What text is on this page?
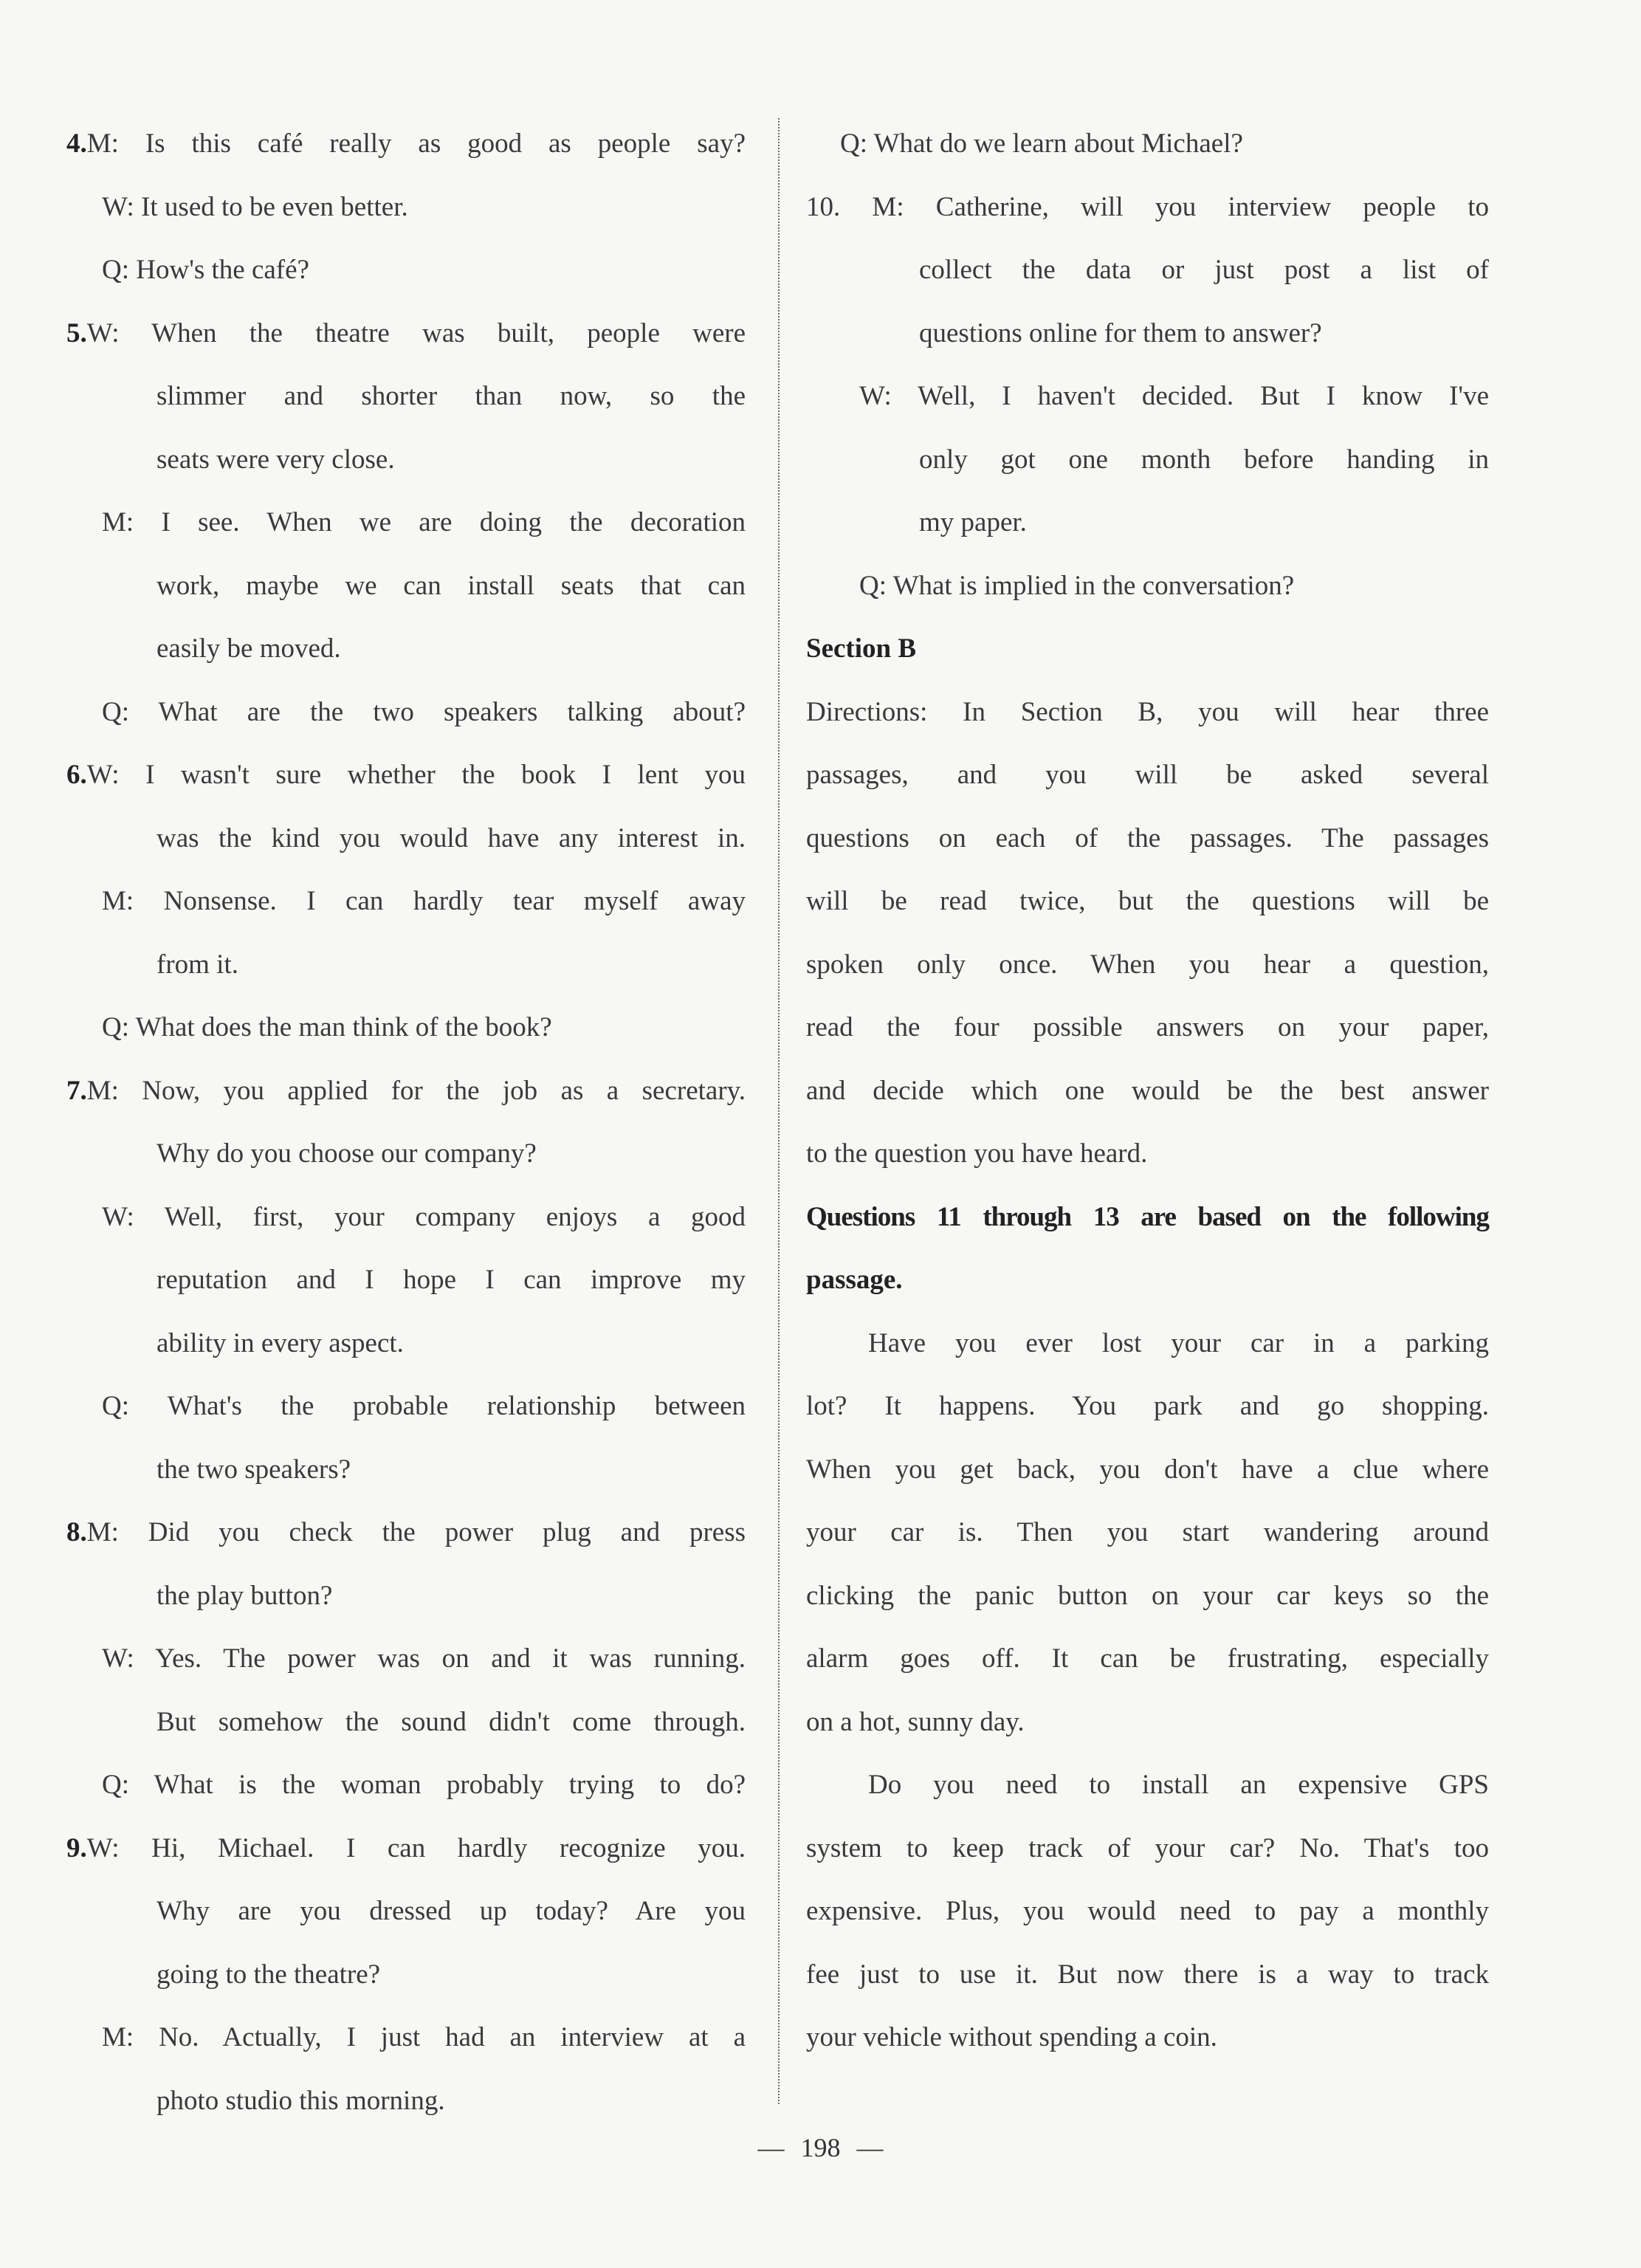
4.M: Is this café really as good as people say?
W: It used to be even better.
Q: How's the café?
5.W: When the theatre was built, people were
slimmer and shorter than now, so the
seats were very close.
M: I see. When we are doing the decoration
work, maybe we can install seats that can
easily be moved.
Q: What are the two speakers talking about?
6.W: I wasn't sure whether the book I lent you
was the kind you would have any interest in.
M: Nonsense. I can hardly tear myself away
from it.
Q: What does the man think of the book?
7.M: Now, you applied for the job as a secretary.
Why do you choose our company?
W: Well, first, your company enjoys a good
reputation and I hope I can improve my
ability in every aspect.
Q: What's the probable relationship between
the two speakers?
8.M: Did you check the power plug and press
the play button?
W: Yes. The power was on and it was running.
But somehow the sound didn't come through.
Q: What is the woman probably trying to do?
9.W: Hi, Michael. I can hardly recognize you.
Why are you dressed up today? Are you
going to the theatre?
M: No. Actually, I just had an interview at a
photo studio this morning.
Q: What do we learn about Michael?
10. M: Catherine, will you interview people to
collect the data or just post a list of
questions online for them to answer?
W: Well, I haven't decided. But I know I've
only got one month before handing in
my paper.
Q: What is implied in the conversation?
Section B
Directions: In Section B, you will hear three
passages, and you will be asked several
questions on each of the passages. The passages
will be read twice, but the questions will be
spoken only once. When you hear a question,
read the four possible answers on your paper,
and decide which one would be the best answer
to the question you have heard.
Questions 11 through 13 are based on the following
passage.
Have you ever lost your car in a parking
lot? It happens. You park and go shopping.
When you get back, you don't have a clue where
your car is. Then you start wandering around
clicking the panic button on your car keys so the
alarm goes off. It can be frustrating, especially
on a hot, sunny day.
Do you need to install an expensive GPS
system to keep track of your car? No. That's too
expensive. Plus, you would need to pay a monthly
fee just to use it. But now there is a way to track
your vehicle without spending a coin.
— 198 —
